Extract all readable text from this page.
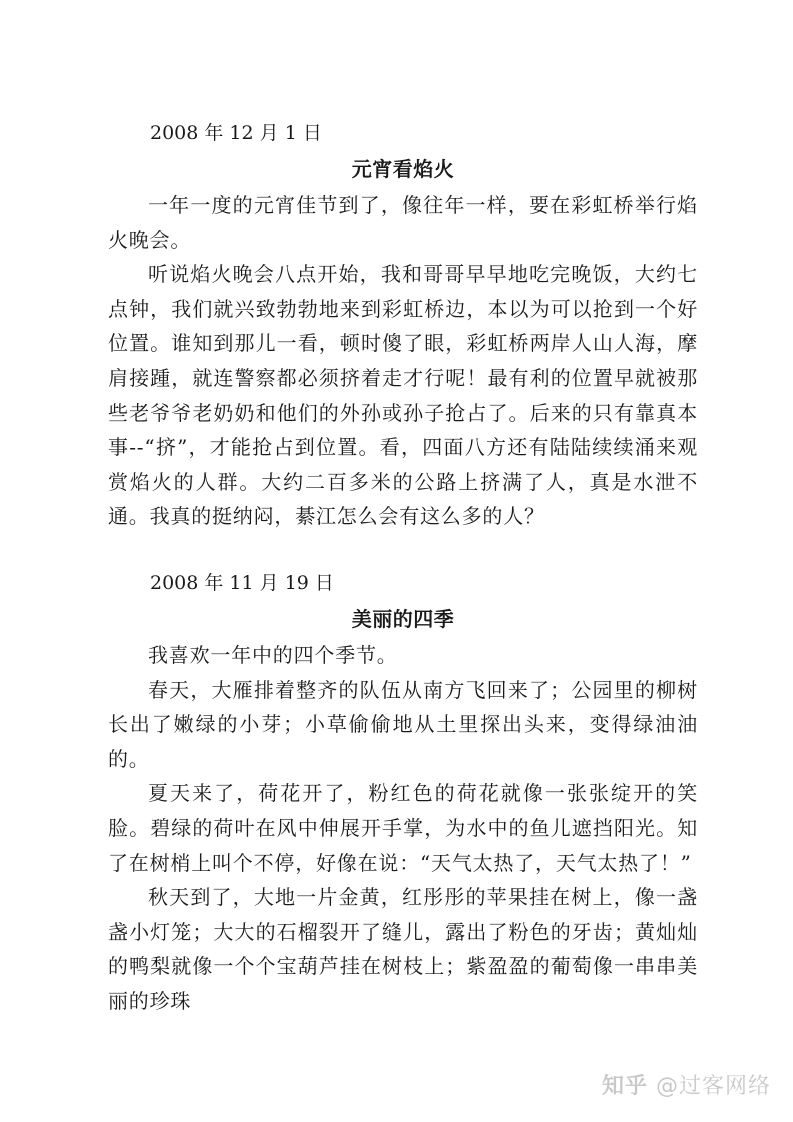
2008 年 12 月 1 日
元宵看焰火

一年一度的元宵佳节到了，像往年一样，要在彩虹桥举行焰火晚会。

听说焰火晚会八点开始，我和哥哥早早地吃完晚饭，大约七点钟，我们就兴致勃勃地来到彩虹桥边，本以为可以抢到一个好位置。谁知到那儿一看，顿时傻了眼，彩虹桥两岸人山人海，摩肩接踵，就连警察都必须挤着走才行呢！最有利的位置早就被那些老爷爷老奶奶和他们的外孙或孙子抢占了。后来的只有靠真本事--“挤”，才能抢占到位置。看，四面八方还有陆陆续续涌来观赏焰火的人群。大约二百多米的公路上挤满了人，真是水泄不通。我真的挺纳闷，綦江怎么会有这么多的人？

2008 年 11 月 19 日
美丽的四季

我喜欢一年中的四个季节。

春天，大雁排着整齐的队伍从南方飞回来了；公园里的柳树长出了嫩绿的小芽；小草偷偷地从土里探出头来，变得绿油油的。

夏天来了，荷花开了，粉红色的荷花就像一张张绽开的笑脸。碧绿的荷叶在风中伸展开手掌，为水中的鱼儿遮挡阳光。知了在树梢上叫个不停，好像在说：“天气太热了，天气太热了！”

秋天到了，大地一片金黄，红彤彤的苹果挂在树上，像一盏盏小灯笼；大大的石榴裂开了缝儿，露出了粉色的牙齿；黄灿灿的鸭梨就像一个个宝葫芦挂在树枝上；紫盈盈的葡萄像一串串美丽的珍珠

知乎 @过客网络
